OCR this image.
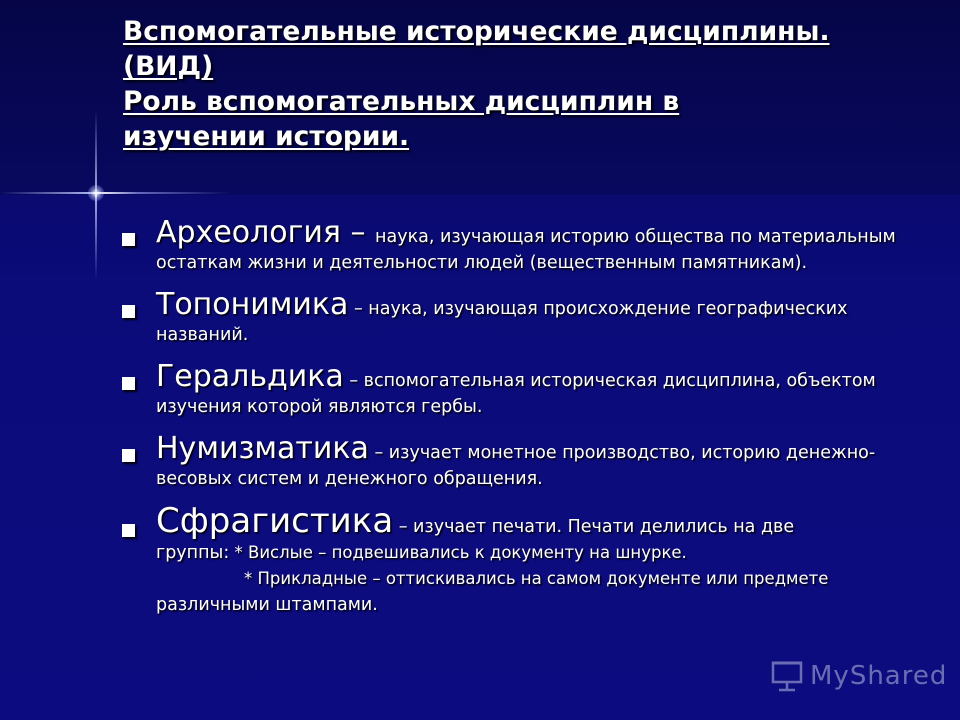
Вспомогательные исторические дисциплины.
(ВИД)
Роль вспомогательных дисциплин в
изучении истории.
Археология – наука, изучающая историю общества по материальным остаткам жизни и деятельности людей (вещественным памятникам).
Топонимика – наука, изучающая происхождение географических названий.
Геральдика – вспомогательная историческая дисциплина, объектом изучения которой являются гербы.
Нумизматика – изучает монетное производство, историю денежно-весовых систем и денежного обращения.
Сфрагистика – изучает печати. Печати делились на две
группы: * Вислые – подвешивались к документу на шнурке.
* Прикладные – оттискивались на самом документе или предмете
различными штампами.
MyShared
